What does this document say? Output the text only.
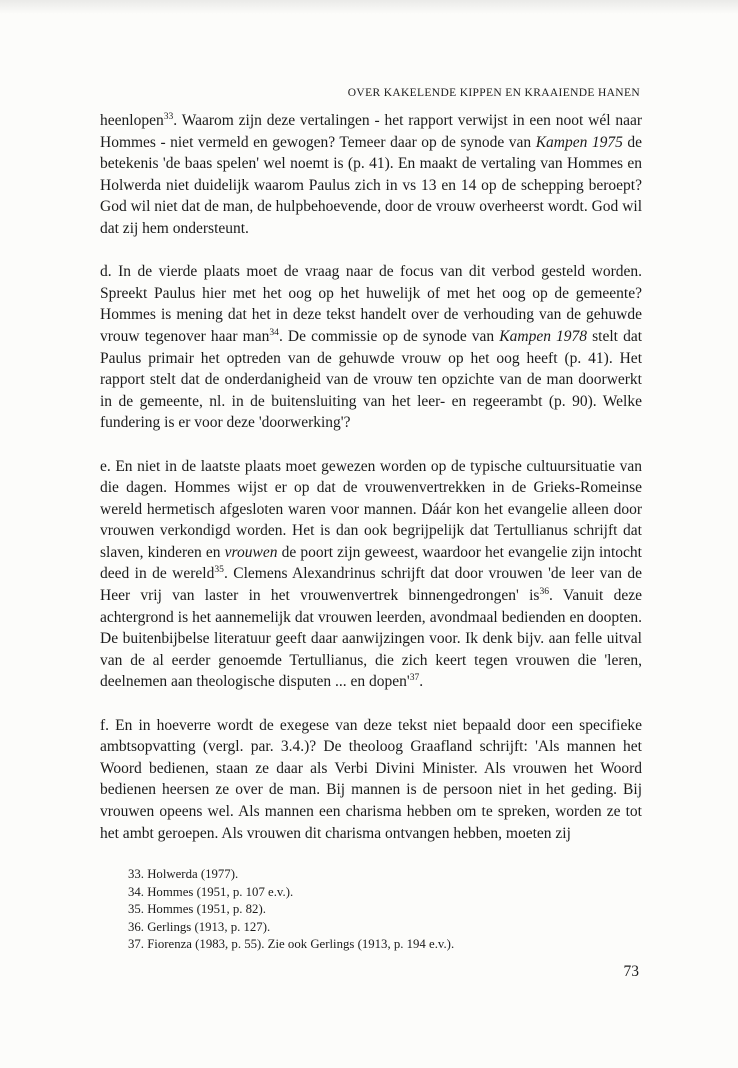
OVER KAKELENDE KIPPEN EN KRAAIENDE HANEN

heenlopen$^{33}$. Waarom zijn deze vertalingen - het rapport verwijst in een noot wél naar Hommes - niet vermeld en gewogen? Temeer daar op de synode van Kampen 1975 de betekenis 'de baas spelen' wel noemt is (p. 41). En maakt de vertaling van Hommes en Holwerda niet duidelijk waarom Paulus zich in vs 13 en 14 op de schepping beroept? God wil niet dat de man, de hulpbehoevende, door de vrouw overheerst wordt. God wil dat zij hem ondersteunt.

d. In de vierde plaats moet de vraag naar de focus van dit verbod gesteld worden. Spreekt Paulus hier met het oog op het huwelijk of met het oog op de gemeente? Hommes is mening dat het in deze tekst handelt over de verhouding van de gehuwde vrouw tegenover haar man$^{34}$. De commissie op de synode van Kampen 1978 stelt dat Paulus primair het optreden van de gehuwde vrouw op het oog heeft (p. 41). Het rapport stelt dat de onderdanigheid van de vrouw ten opzichte van de man doorwerkt in de gemeente, nl. in de buitensluiting van het leer- en regeerambt (p. 90). Welke fundering is er voor deze 'doorwerking'?

e. En niet in de laatste plaats moet gewezen worden op de typische cultuursituatie van die dagen. Hommes wijst er op dat de vrouwenvertrekken in de Grieks-Romeinse wereld hermetisch afgesloten waren voor mannen. Dáár kon het evangelie alleen door vrouwen verkondigd worden. Het is dan ook begrijpelijk dat Tertullianus schrijft dat slaven, kinderen en vrouwen de poort zijn geweest, waardoor het evangelie zijn intocht deed in de wereld$^{35}$. Clemens Alexandrinus schrijft dat door vrouwen 'de leer van de Heer vrij van laster in het vrouwenvertrek binnengedrongen' $is^{36}$. Vanuit deze achtergrond is het aannemelijk dat vrouwen leerden, avondmaal bedienden en doopten. De buitenbijbelse literatuur geeft daar aanwijzingen voor. Ik denk bijv. aan felle uitval van de al eerder genoemde Tertullianus, die zich keert tegen vrouwen die 'leren, deelnemen aan theologische disputen ... en $dopen'^{37}$.

f. En in hoeverre wordt de exegese van deze tekst niet bepaald door een specifieke ambtsopvatting (vergl. par. 3.4.)? De theoloog Graafland schrijft: 'Als mannen het Woord bedienen, staan ze daar als Verbi Divini Minister. Als vrouwen het Woord bedienen heersen ze over de man. Bij mannen is de persoon niet in het geding. Bij vrouwen opeens wel. Als mannen een charisma hebben om te spreken, worden ze tot het ambt geroepen. Als vrouwen dit charisma ontvangen hebben, moeten zij

33. Holwerda (1977).

34. Hommes (1951, p. 107 e.v.).

35. Hommes (1951, p. 82).

36. Gerlings (1913, p. 127).

37. Fiorenza (1983, p. 55). Zie ook Gerlings (1913, p. 194 e.v.).

73
